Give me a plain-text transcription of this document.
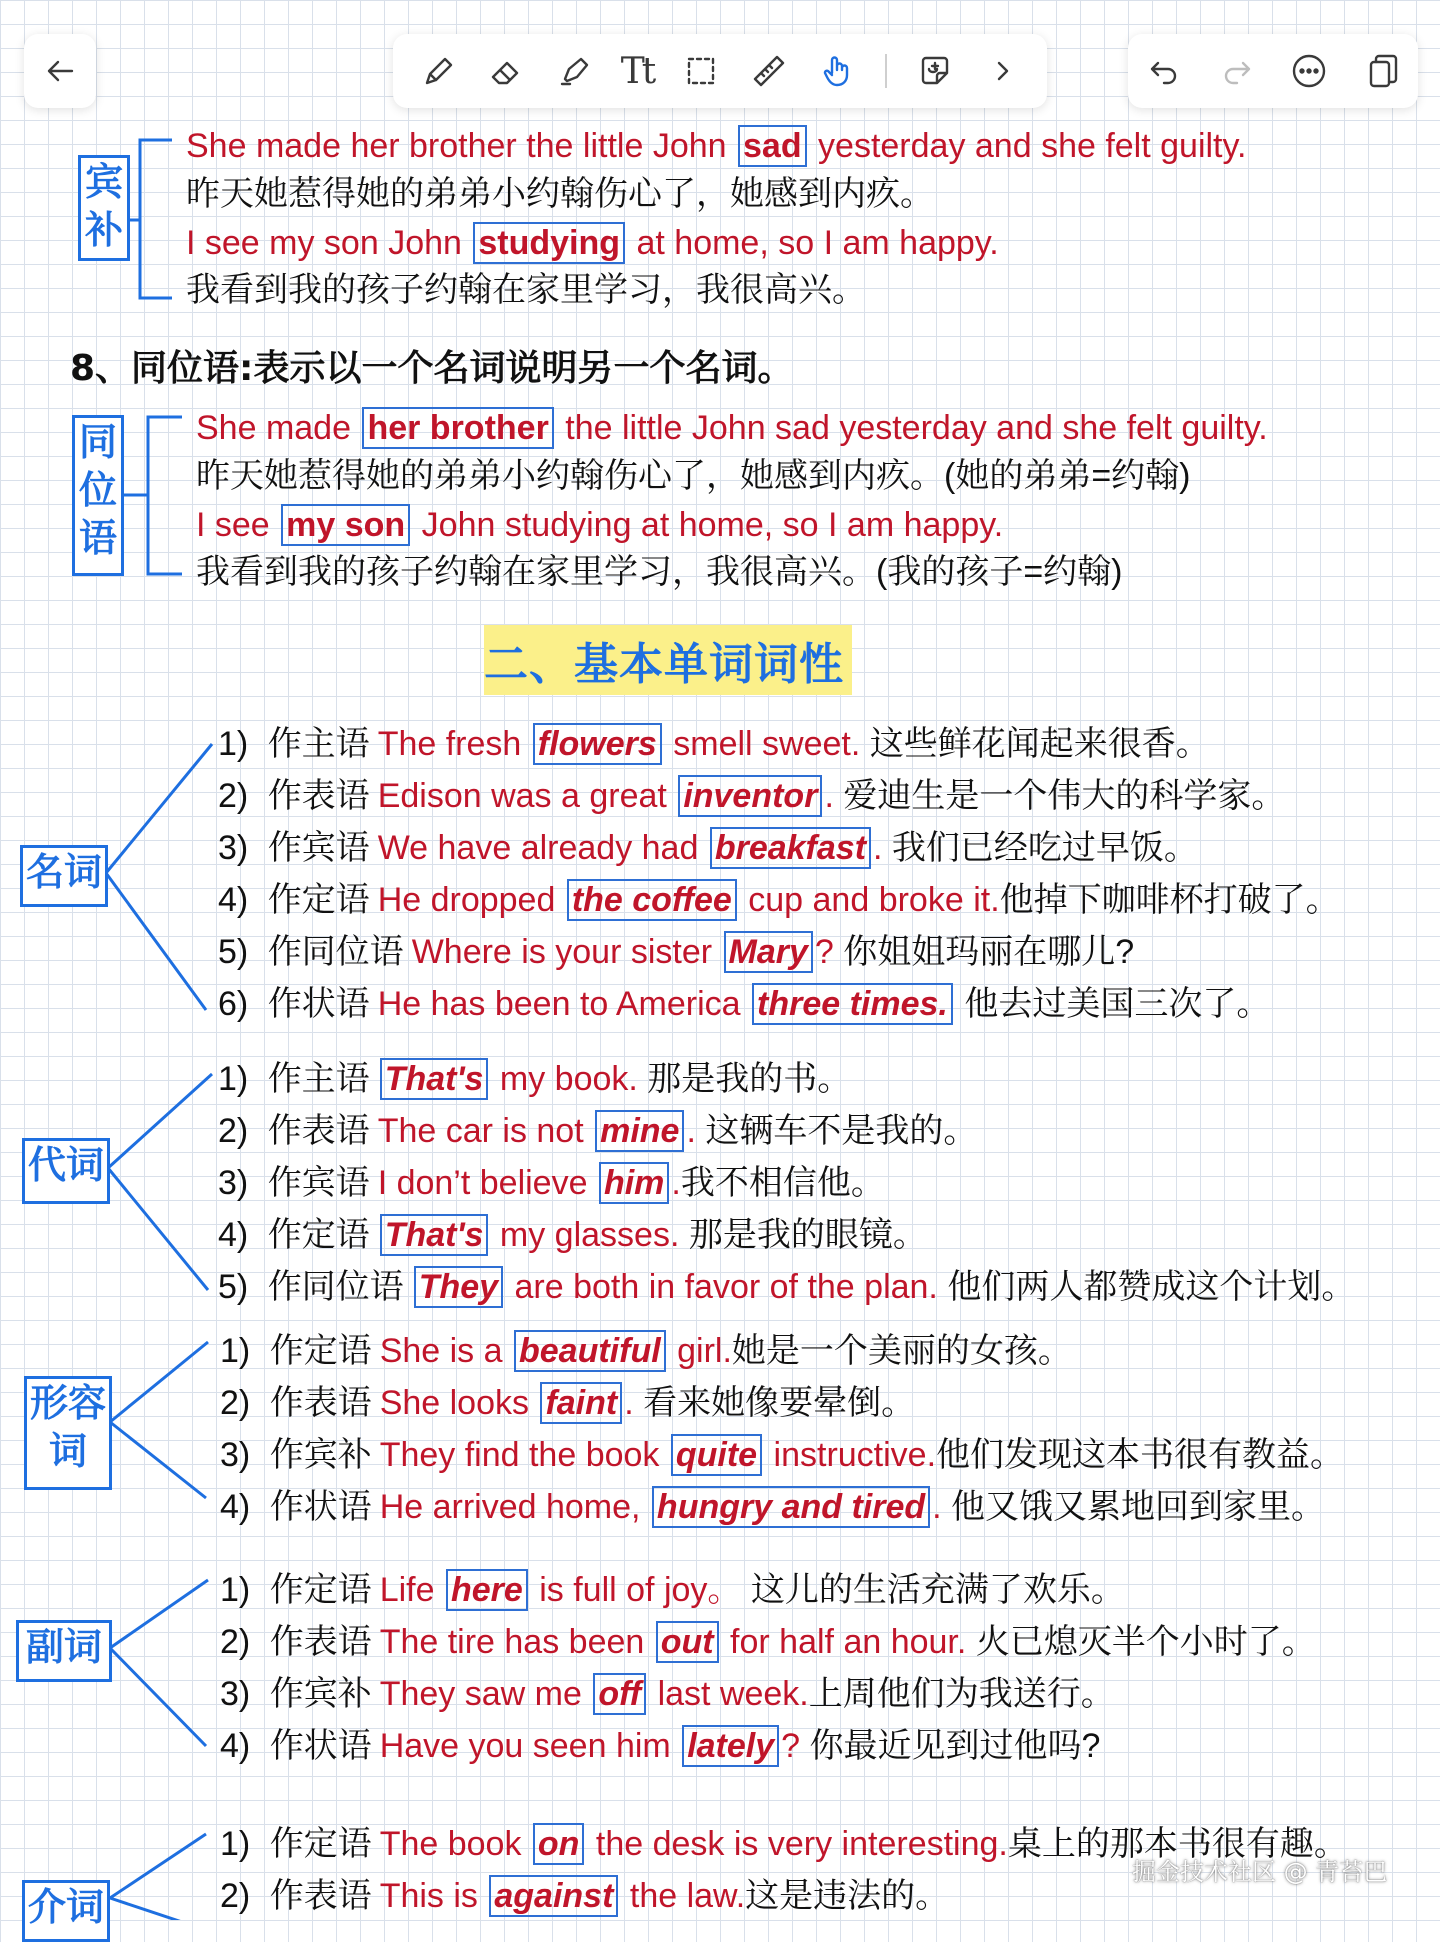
Tt
宾
补
She made her brother the little John sad yesterday and she felt guilty.
昨天她惹得她的弟弟小约翰伤心了，她感到内疚。
I see my son John studying at home, so I am happy.
我看到我的孩子约翰在家里学习，我很高兴。
8、同位语:表示以一个名词说明另一个名词。
同
位
语
She made her brother the little John sad yesterday and she felt guilty.
昨天她惹得她的弟弟小约翰伤心了，她感到内疚。(她的弟弟=约翰)
I see my son John studying at home, so I am happy.
我看到我的孩子约翰在家里学习，我很高兴。(我的孩子=约翰)
二、基本单词词性
名词
1) 作主语 The fresh flowers smell sweet. 这些鲜花闻起来很香。
2) 作表语 Edison was a great inventor . 爱迪生是一个伟大的科学家。
3) 作宾语 We have already had breakfast . 我们已经吃过早饭。
4) 作定语 He dropped the coffee cup and broke it.他掉下咖啡杯打破了。
5) 作同位语 Where is your sister Mary ? 你姐姐玛丽在哪儿?
6) 作状语 He has been to America three times. 他去过美国三次了。
代词
1) 作主语 That's my book. 那是我的书。
2) 作表语 The car is not mine . 这辆车不是我的。
3) 作宾语 I don’t believe him .我不相信他。
4) 作定语 That's my glasses. 那是我的眼镜。
5) 作同位语 They are both in favor of the plan. 他们两人都赞成这个计划。
形容
词
1) 作定语 She is a beautiful girl.她是一个美丽的女孩。
2) 作表语 She looks faint . 看来她像要晕倒。
3) 作宾补 They find the book quite instructive.他们发现这本书很有教益。
4) 作状语 He arrived home, hungry and tired . 他又饿又累地回到家里。
副词
1) 作定语 Life here is full of joy。 这儿的生活充满了欢乐。
2) 作表语 The tire has been out for half an hour. 火已熄灭半个小时了。
3) 作宾补 They saw me off last week.上周他们为我送行。
4) 作状语 Have you seen him lately ? 你最近见到过他吗?
介词
1) 作定语 The book on the desk is very interesting.桌上的那本书很有趣。
2) 作表语 This is against the law.这是违法的。
掘金技术社区 @ 青苔巴
